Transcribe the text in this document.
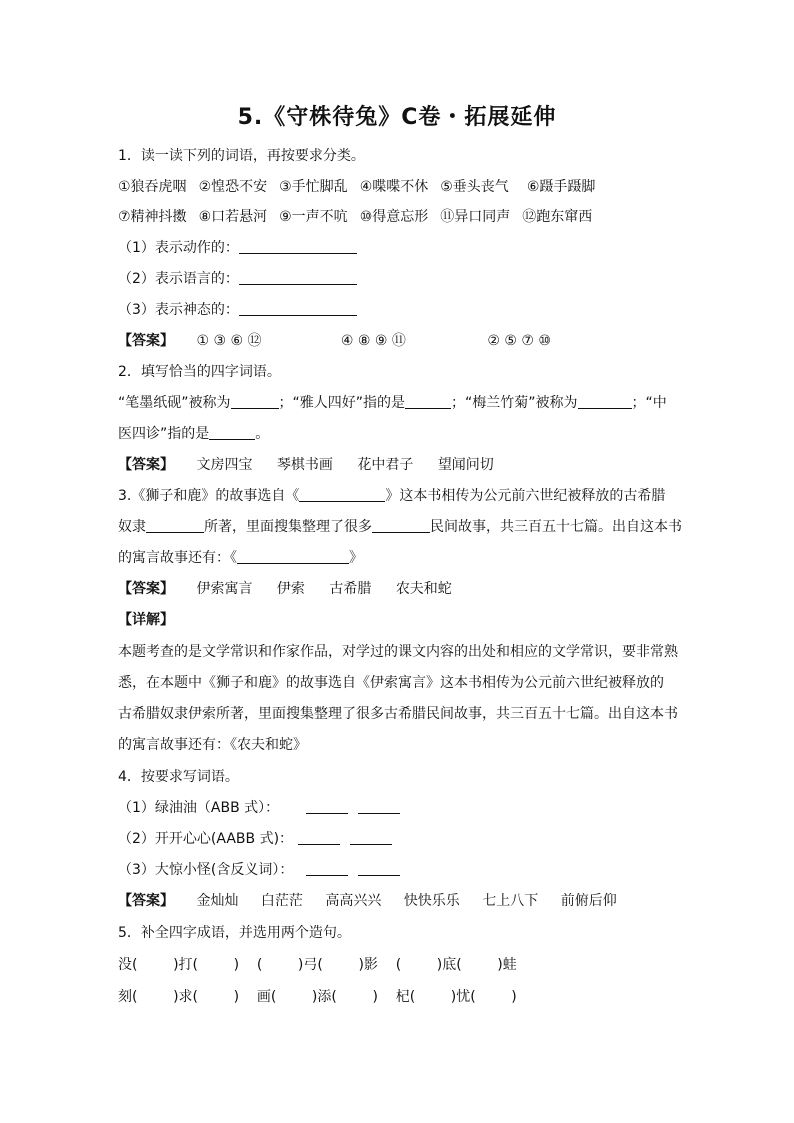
5.《守株待兔》C卷・拓展延伸
1．读一读下列的词语，再按要求分类。
①狼吞虎咽 ②惶恐不安 ③手忙脚乱 ④喋喋不休 ⑤垂头丧气 ⑥蹑手蹑脚
⑦精神抖擞 ⑧口若悬河 ⑨一声不吭 ⑩得意忘形 ⑪异口同声 ⑫跑东窜西
（1）表示动作的：
（2）表示语言的：
（3）表示神态的：
【答案】 ① ③ ⑥ ⑫	④ ⑧ ⑨ ⑪	② ⑤ ⑦ ⑩
2．填写恰当的四字词语。
“笔墨纸砚”被称为	；“雅人四好”指的是	；“梅兰竹菊”被称为	；“中
医四诊”指的是	。
【答案】 文房四宝 琴棋书画 花中君子 望闻问切
3.《狮子和鹿》的故事选自《	》这本书相传为公元前六世纪被释放的古希腊
奴隶	所著，里面搜集整理了很多	民间故事，共三百五十七篇。出自这本书
的寓言故事还有：《	》
【答案】 伊索寓言 伊索 古希腊 农夫和蛇
【详解】
本题考查的是文学常识和作家作品，对学过的课文内容的出处和相应的文学常识，要非常熟
悉，在本题中《狮子和鹿》的故事选自《伊索寓言》这本书相传为公元前六世纪被释放的
古希腊奴隶伊索所著，里面搜集整理了很多古希腊民间故事，共三百五十七篇。出自这本书
的寓言故事还有：《农夫和蛇》
4．按要求写词语。
（1）绿油油（ABB 式）：
（2）开开心心(AABB 式)：
（3）大惊小怪(含反义词）：
【答案】 金灿灿 白茫茫 高高兴兴 快快乐乐 七上八下 前俯后仰
5．补全四字成语，并选用两个造句。
没(        )打(        )    (        )弓(        )影    (        )底(        )蛙
刻(        )求(        )    画(        )添(        )    杞(        )忧(        )
